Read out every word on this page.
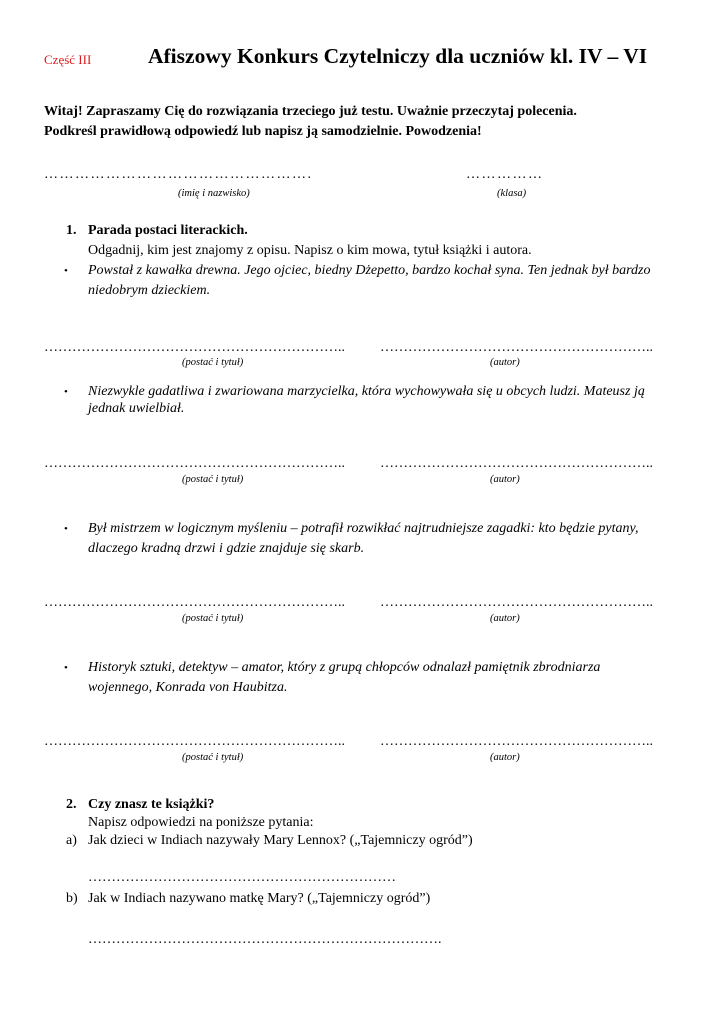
Część III	Afiszowy Konkurs Czytelniczy dla uczniów kl. IV – VI
Witaj! Zapraszamy Cię do rozwiązania trzeciego już testu. Uważnie przeczytaj polecenia.
Podkreśl prawidłową odpowiedź lub napisz ją samodzielnie. Powodzenia!
…………………………………………….	……………
(imię i nazwisko)	(klasa)
1. Parada postaci literackich.
Odgadnij, kim jest znajomy z opisu. Napisz o kim mowa, tytuł książki i autora.
• Powstał z kawałka drewna. Jego ojciec, biedny Dżepetto, bardzo kochał syna. Ten jednak był bardzo
niedobrym dzieckiem.
………………………………………………………..	…………………………………………………..
(postać i tytuł)	(autor)
• Niezwykle gadatliwa i zwariowana marzycielka, która wychowywała się u obcych ludzi. Mateusz ją
jednak uwielbiał.
………………………………………………………..	…………………………………………………..
(postać i tytuł)	(autor)
• Był mistrzem w logicznym myśleniu – potrafił rozwikłać najtrudniejsze zagadki: kto będzie pytany,
dlaczego kradną drzwi i gdzie znajduje się skarb.
………………………………………………………..	…………………………………………………..
(postać i tytuł)	(autor)
• Historyk sztuki, detektyw – amator, który z grupą chłopców odnalazł pamiętnik zbrodniarza
wojennego, Konrada von Haubitza.
………………………………………………………..	…………………………………………………..
(postać i tytuł)	(autor)
2. Czy znasz te książki?
Napisz odpowiedzi na poniższe pytania:
a) Jak dzieci w Indiach nazywały Mary Lennox? („Tajemniczy ogród”)
…………………………………………………………
b) Jak w Indiach nazywano matkę Mary? („Tajemniczy ogród”)
………………………………………………………………….
